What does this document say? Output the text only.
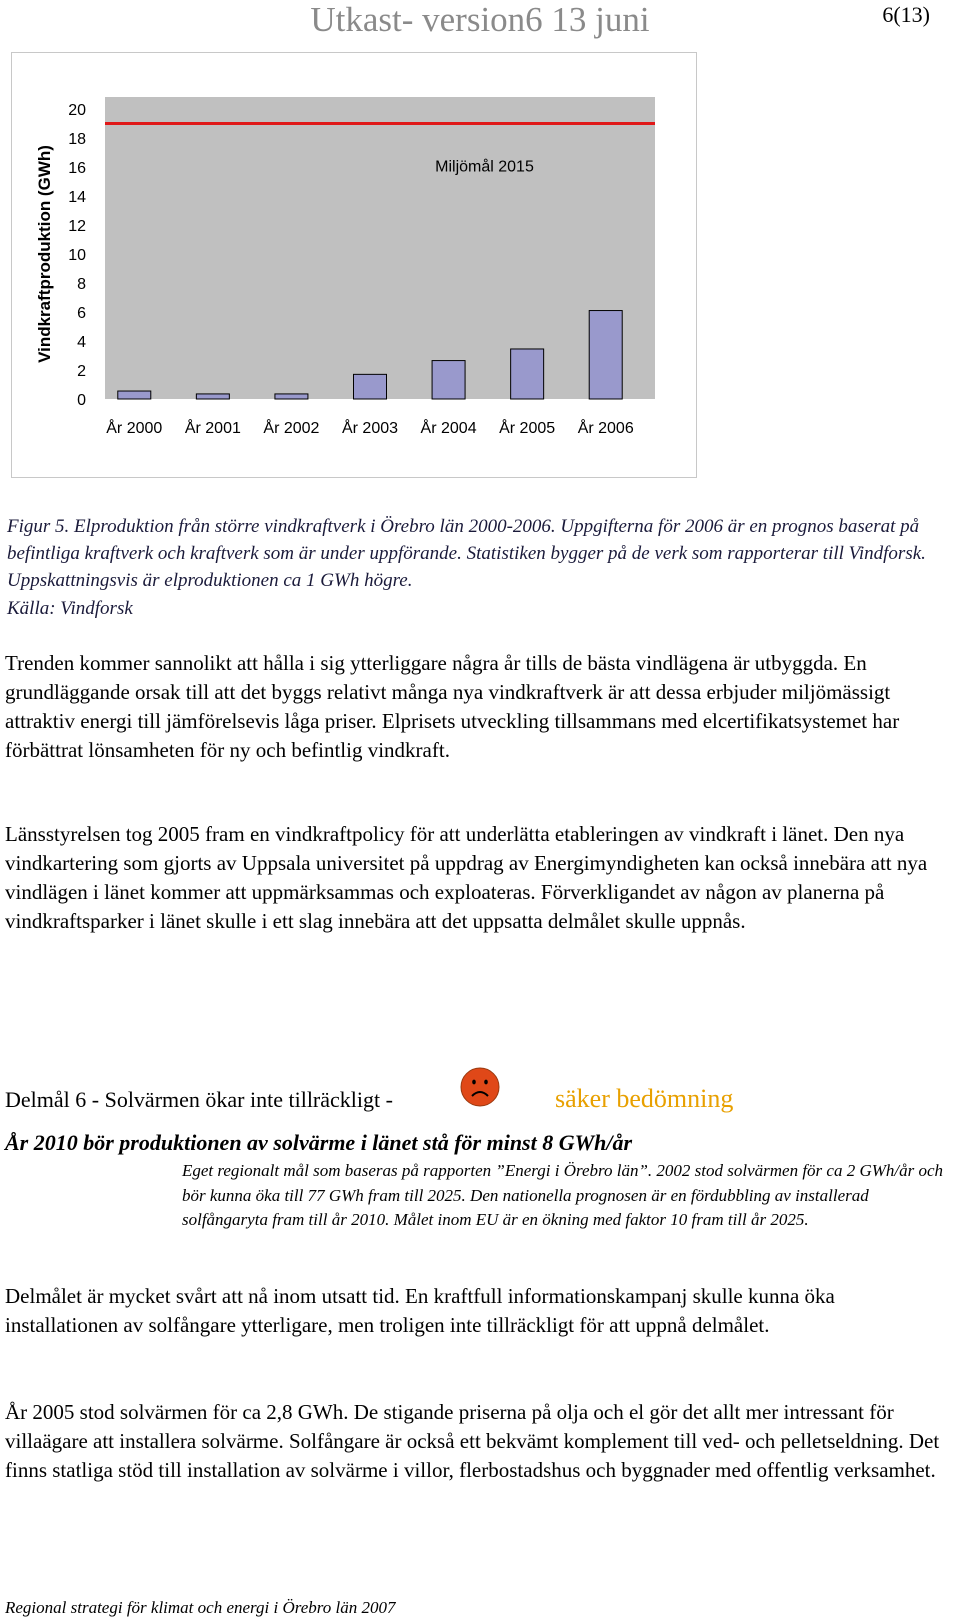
Utkast- version6 13 juni	6(13)
0
2
4
6
8
10
12
14
16
18
20
Vindkraftproduktion (GWh)
År 2000 År 2001 År 2002 År 2003 År 2004 År 2005 År 2006
Miljömål 2015
Figur 5. Elproduktion från större vindkraftverk i Örebro län 2000-2006. Uppgifterna för 2006 är en prognos baserat på befintliga kraftverk och kraftverk som är under uppförande. Statistiken bygger på de verk som rapporterar till Vindforsk. Uppskattningsvis är elproduktionen ca 1 GWh högre.
Källa: Vindforsk
Trenden kommer sannolikt att hålla i sig ytterliggare några år tills de bästa vindlägena är utbyggda. En grundläggande orsak till att det byggs relativt många nya vindkraftverk är att dessa erbjuder miljömässigt attraktiv energi till jämförelsevis låga priser. Elprisets utveckling tillsammans med elcertifikatsystemet har förbättrat lönsamheten för ny och befintlig vindkraft.
Länsstyrelsen tog 2005 fram en vindkraftpolicy för att underlätta etableringen av vindkraft i länet. Den nya vindkartering som gjorts av Uppsala universitet på uppdrag av Energimyndigheten kan också innebära att nya vindlägen i länet kommer att uppmärksammas och exploateras. Förverkligandet av någon av planerna på vindkraftsparker i länet skulle i ett slag innebära att det uppsatta delmålet skulle uppnås.
Delmål 6 - Solvärmen ökar inte tillräckligt -	säker bedömning
År 2010 bör produktionen av solvärme i länet stå för minst 8 GWh/år
Eget regionalt mål som baseras på rapporten ”Energi i Örebro län”. 2002 stod solvärmen för ca 2 GWh/år och bör kunna öka till 77 GWh fram till 2025. Den nationella prognosen är en fördubbling av installerad solfångaryta fram till år 2010. Målet inom EU är en ökning med faktor 10 fram till år 2025.
Delmålet är mycket svårt att nå inom utsatt tid. En kraftfull informationskampanj skulle kunna öka installationen av solfångare ytterligare, men troligen inte tillräckligt för att uppnå delmålet.
År 2005 stod solvärmen för ca 2,8 GWh. De stigande priserna på olja och el gör det allt mer intressant för villaägare att installera solvärme. Solfångare är också ett bekvämt komplement till ved- och pelletseldning. Det finns statliga stöd till installation av solvärme i villor, flerbostadshus och byggnader med offentlig verksamhet.
Regional strategi för klimat och energi i Örebro län 2007
